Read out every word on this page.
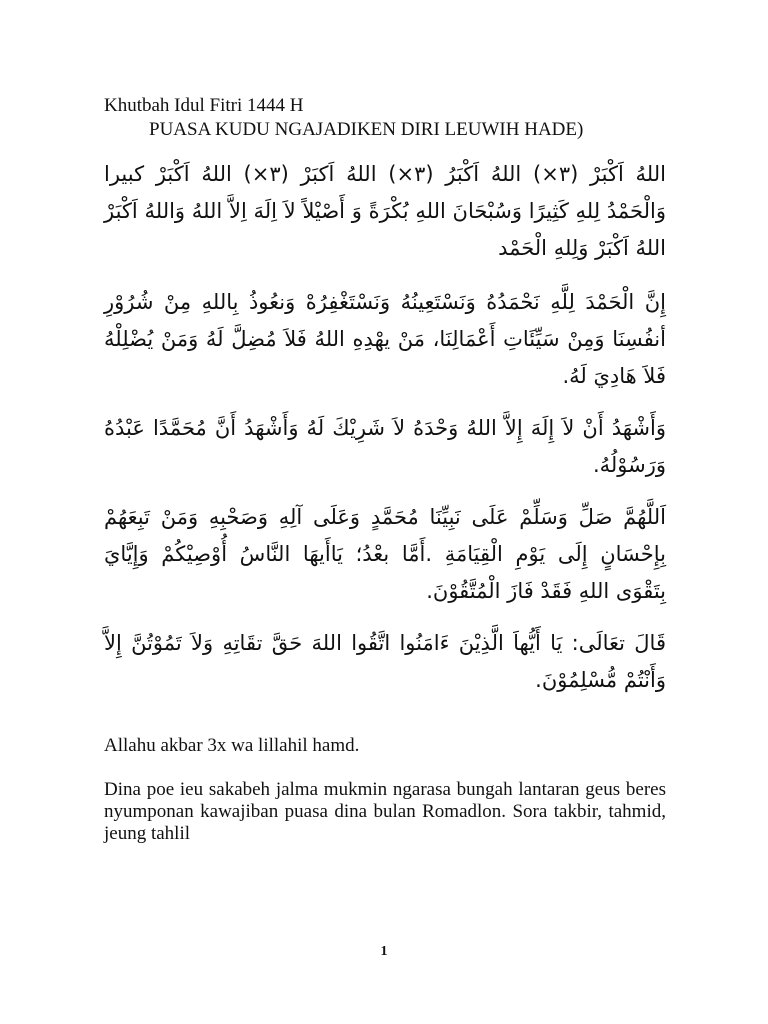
Khutbah Idul Fitri 1444 H

PUASA KUDU NGAJADIKEN DIRI LEUWIH HADE)

اللهُ اَكْبَرْ (٣×) اللهُ اَكْبَرُ (٣×) اللهُ اَكبَرْ (٣×) اللهُ اَكْبَرْ كبيرا وَالْحَمْدُ لِلهِ كَثِيرًا وَسُبْحَانَ اللهِ بُكْرَةً وَ أَصْيْلاً لاَ اِلَهَ اِلاَّ اللهُ وَاللهُ اَكْبَرْ اللهُ اَكْبَرْ وَلِلهِ الْحَمْد

إِنَّ الْحَمْدَ لِلَّهِ نَحْمَدُهُ وَنَسْتَعِينُهُ وَنَسْتَغْفِرُهْ وَنعُوذُ بِاللهِ مِنْ شُرُوْرِ أنفُسِنَا وَمِنْ سَيِّئَاتِ أَعْمَالِنَا، مَنْ يهْدِهِ اللهُ فَلاَ مُضِلَّ لَهُ وَمَنْ يُضْلِلْهُ فَلاَ هَادِيَ لَهُ.

وَأَشْهَدُ أَنْ لاَ إِلَهَ إِلاَّ اللهُ وَحْدَهُ لاَ شَرِيْكَ لَهُ وَأَشْهَدُ أَنَّ مُحَمَّدًا عَبْدُهُ وَرَسُوْلُهُ.

اَللَّهُمَّ صَلِّ وَسَلِّمْ عَلَى نَبِيِّنَا مُحَمَّدٍ وَعَلَى آلِهِ وَصَحْبِهِ وَمَنْ تَبِعَهُمْ بِإِحْسَانٍ إِلَى يَوْمِ الْقِيَامَةِ .أَمَّا بعْدُ؛ يَاأَيهَا النَّاسُ أُوْصِيْكُمْ وَإِيَّايَ بِتَقْوَى اللهِ فَقَدْ فَازَ الْمُتَّقُوْنَ.

قَالَ تعَالَى: يَا أَيُّهاَ الَّذِيْنَ ءَامَنُوا اتَّقُوا اللهَ حَقَّ تقَاتِهِ وَلاَ تَمُوْتُنَّ إِلاَّ وَأَنْتُمْ مُّسْلِمُوْنَ.

Allahu akbar 3x wa lillahil hamd.

Dina poe ieu sakabeh jalma mukmin ngarasa bungah lantaran geus beres nyumponan kawajiban puasa dina bulan Romadlon. Sora takbir, tahmid, jeung tahlil

1
